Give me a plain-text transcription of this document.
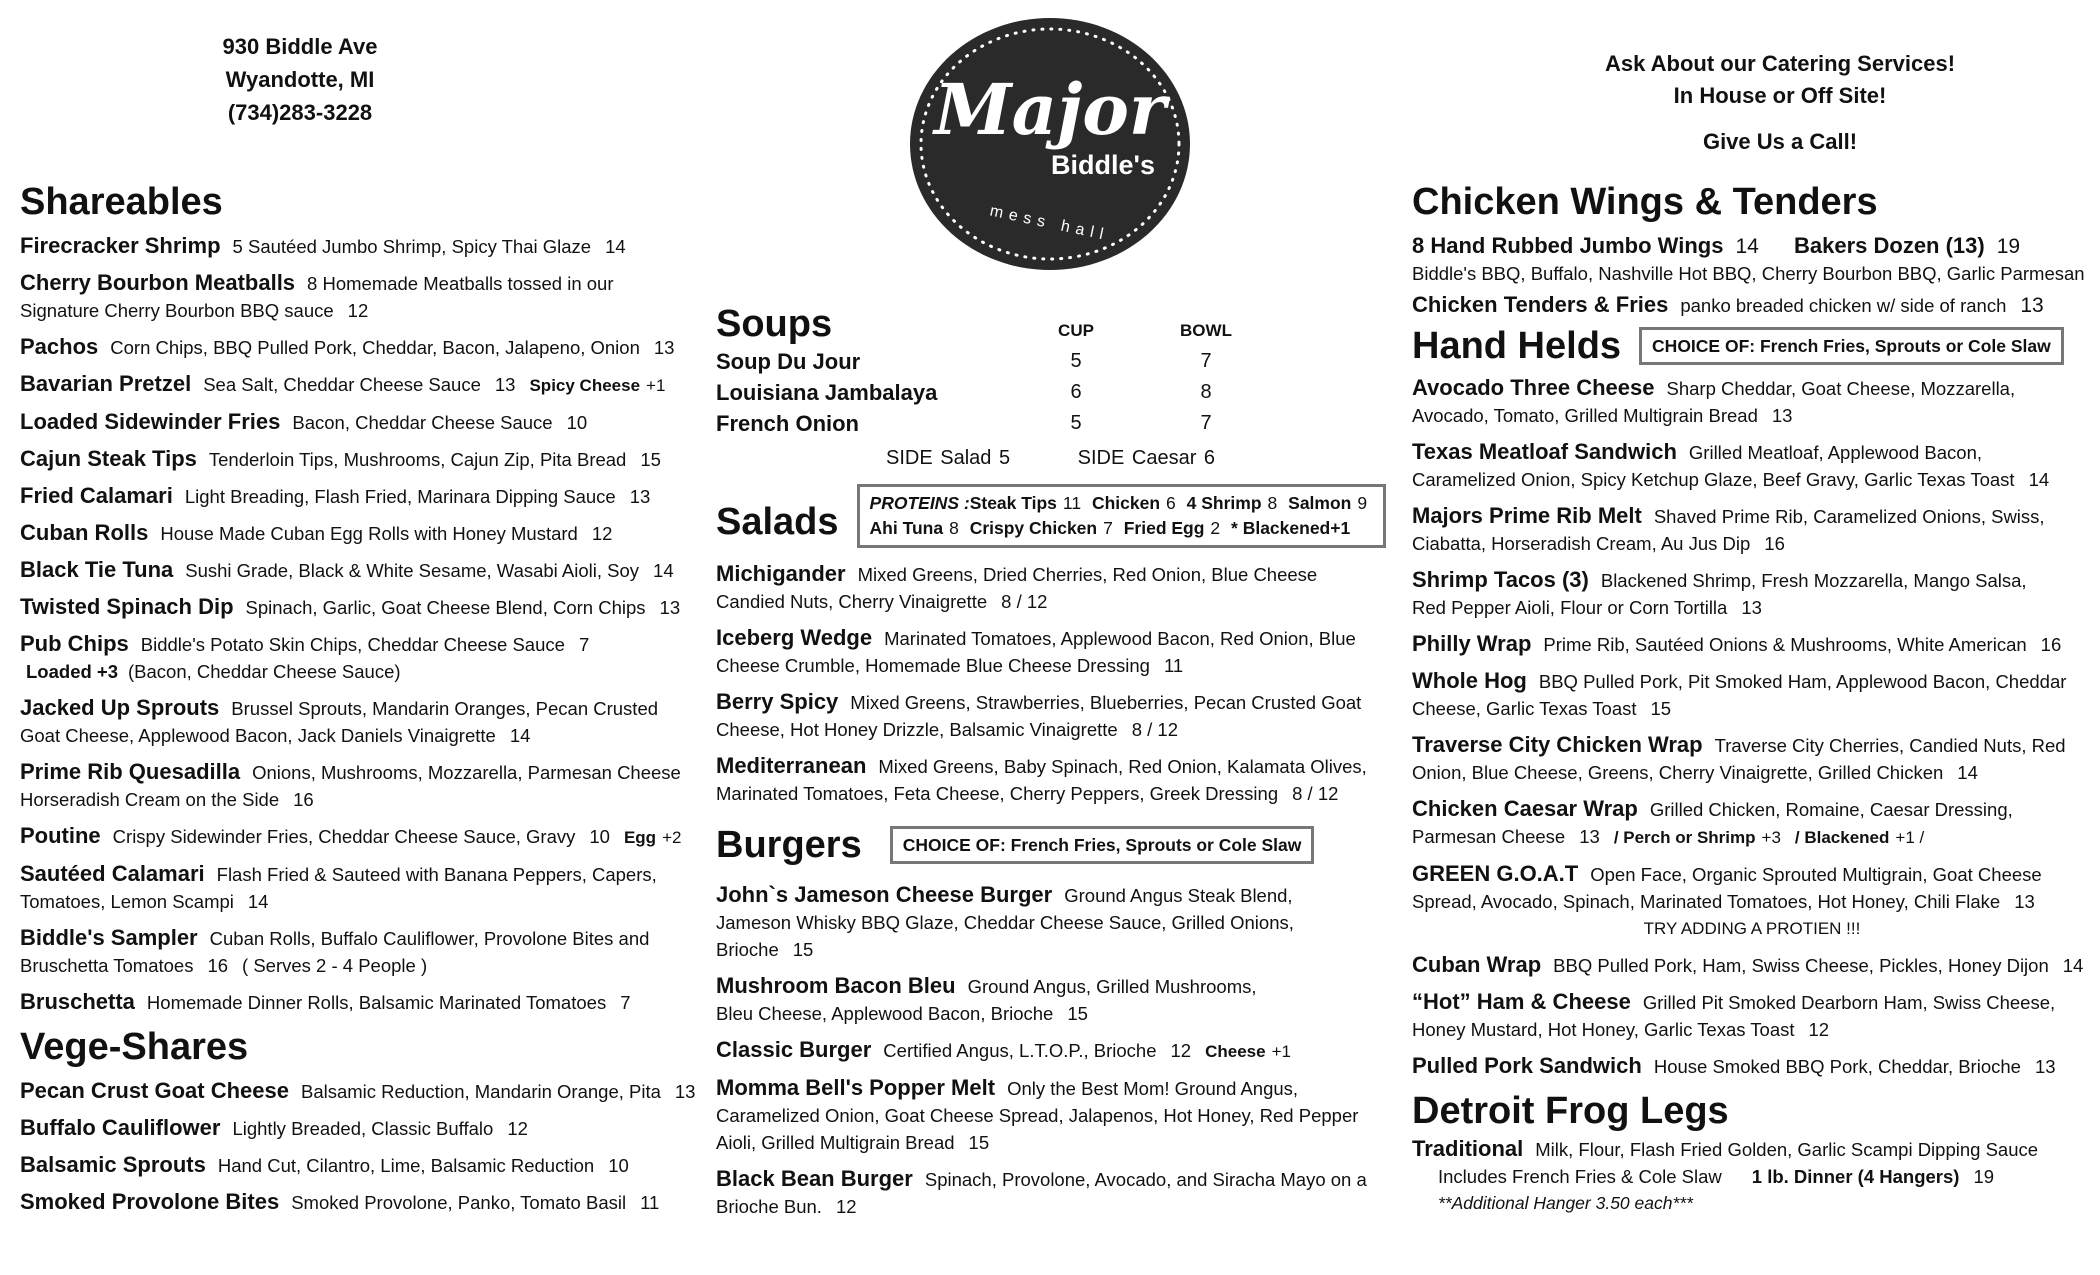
930 Biddle Ave
Wyandotte, MI
(734)283-3228	Major
Biddle's
mess hall
Ask About our Catering Services!
In House or Off Site!
Give Us a Call!
Shareables
Firecracker Shrimp 5 Sautéed Jumbo Shrimp, Spicy Thai Glaze 14
Cherry Bourbon Meatballs 8 Homemade Meatballs tossed in our
Signature Cherry Bourbon BBQ sauce 12
Pachos Corn Chips, BBQ Pulled Pork, Cheddar, Bacon, Jalapeno, Onion 13
Bavarian Pretzel Sea Salt, Cheddar Cheese Sauce 13 Spicy Cheese +1
Loaded Sidewinder Fries Bacon, Cheddar Cheese Sauce 10
Cajun Steak Tips Tenderloin Tips, Mushrooms, Cajun Zip, Pita Bread 15
Fried Calamari Light Breading, Flash Fried, Marinara Dipping Sauce 13
Cuban Rolls House Made Cuban Egg Rolls with Honey Mustard 12
Black Tie Tuna Sushi Grade, Black & White Sesame, Wasabi Aioli, Soy 14
Twisted Spinach Dip Spinach, Garlic, Goat Cheese Blend, Corn Chips 13
Pub Chips Biddle's Potato Skin Chips, Cheddar Cheese Sauce 7
Loaded +3 (Bacon, Cheddar Cheese Sauce)
Jacked Up Sprouts Brussel Sprouts, Mandarin Oranges, Pecan Crusted
Goat Cheese, Applewood Bacon, Jack Daniels Vinaigrette 14
Prime Rib Quesadilla Onions, Mushrooms, Mozzarella, Parmesan Cheese
Horseradish Cream on the Side 16
Poutine Crispy Sidewinder Fries, Cheddar Cheese Sauce, Gravy 10 Egg +2
Sautéed Calamari Flash Fried & Sauteed with Banana Peppers, Capers,
Tomatoes, Lemon Scampi 14
Biddle's Sampler Cuban Rolls, Buffalo Cauliflower, Provolone Bites and
Bruschetta Tomatoes 16 ( Serves 2 - 4 People )
Bruschetta Homemade Dinner Rolls, Balsamic Marinated Tomatoes 7
Vege-Shares
Pecan Crust Goat Cheese Balsamic Reduction, Mandarin Orange, Pita 13
Buffalo Cauliflower Lightly Breaded, Classic Buffalo 12
Balsamic Sprouts Hand Cut, Cilantro, Lime, Balsamic Reduction 10
Smoked Provolone Bites Smoked Provolone, Panko, Tomato Basil 11
Soups	CUP	BOWL
Soup Du Jour	5	7
Louisiana Jambalaya	6	8
French Onion	5	7
SIDE Salad 5	SIDE Caesar 6
Salads PROTEINS :Steak Tips 11 Chicken 6 4 Shrimp 8 Salmon 9
Ahi Tuna 8 Crispy Chicken 7 Fried Egg 2 * Blackened+1
Michigander Mixed Greens, Dried Cherries, Red Onion, Blue Cheese
Candied Nuts, Cherry Vinaigrette 8 / 12
Iceberg Wedge Marinated Tomatoes, Applewood Bacon, Red Onion, Blue
Cheese Crumble, Homemade Blue Cheese Dressing 11
Berry Spicy Mixed Greens, Strawberries, Blueberries, Pecan Crusted Goat
Cheese, Hot Honey Drizzle, Balsamic Vinaigrette 8 / 12
Mediterranean Mixed Greens, Baby Spinach, Red Onion, Kalamata Olives,
Marinated Tomatoes, Feta Cheese, Cherry Peppers, Greek Dressing 8 / 12
Burgers	CHOICE OF: French Fries, Sprouts or Cole Slaw
John`s Jameson Cheese Burger Ground Angus Steak Blend,
Jameson Whisky BBQ Glaze, Cheddar Cheese Sauce, Grilled Onions, Brioche 15
Mushroom Bacon Bleu Ground Angus, Grilled Mushrooms,
Bleu Cheese, Applewood Bacon, Brioche 15
Classic Burger Certified Angus, L.T.O.P., Brioche 12 Cheese +1
Momma Bell's Popper Melt Only the Best Mom! Ground Angus,
Caramelized Onion, Goat Cheese Spread, Jalapenos, Hot Honey, Red Pepper
Aioli, Grilled Multigrain Bread 15
Black Bean Burger Spinach, Provolone, Avocado, and Siracha Mayo on a
Brioche Bun. 12
Chicken Wings & Tenders
8 Hand Rubbed Jumbo Wings 14 Bakers Dozen (13) 19
Biddle's BBQ, Buffalo, Nashville Hot BBQ, Cherry Bourbon BBQ, Garlic Parmesan
Chicken Tenders & Fries panko breaded chicken w/ side of ranch 13
Hand Helds	CHOICE OF: French Fries, Sprouts or Cole Slaw
Avocado Three Cheese Sharp Cheddar, Goat Cheese, Mozzarella,
Avocado, Tomato, Grilled Multigrain Bread 13
Texas Meatloaf Sandwich Grilled Meatloaf, Applewood Bacon,
Caramelized Onion, Spicy Ketchup Glaze, Beef Gravy, Garlic Texas Toast 14
Majors Prime Rib Melt Shaved Prime Rib, Caramelized Onions, Swiss,
Ciabatta, Horseradish Cream, Au Jus Dip 16
Shrimp Tacos (3) Blackened Shrimp, Fresh Mozzarella, Mango Salsa,
Red Pepper Aioli, Flour or Corn Tortilla 13
Philly Wrap Prime Rib, Sautéed Onions & Mushrooms, White American 16
Whole Hog BBQ Pulled Pork, Pit Smoked Ham, Applewood Bacon, Cheddar
Cheese, Garlic Texas Toast 15
Traverse City Chicken Wrap Traverse City Cherries, Candied Nuts, Red
Onion, Blue Cheese, Greens, Cherry Vinaigrette, Grilled Chicken 14
Chicken Caesar Wrap Grilled Chicken, Romaine, Caesar Dressing,
Parmesan Cheese 13 / Perch or Shrimp +3 / Blackened +1 /
GREEN G.O.A.T Open Face, Organic Sprouted Multigrain, Goat Cheese
Spread, Avocado, Spinach, Marinated Tomatoes, Hot Honey, Chili Flake 13
TRY ADDING A PROTIEN !!!
Cuban Wrap BBQ Pulled Pork, Ham, Swiss Cheese, Pickles, Honey Dijon 14
“Hot” Ham & Cheese Grilled Pit Smoked Dearborn Ham, Swiss Cheese,
Honey Mustard, Hot Honey, Garlic Texas Toast 12
Pulled Pork Sandwich House Smoked BBQ Pork, Cheddar, Brioche 13
Detroit Frog Legs
Traditional Milk, Flour, Flash Fried Golden, Garlic Scampi Dipping Sauce
Includes French Fries & Cole Slaw 1 lb. Dinner (4 Hangers) 19
**Additional Hanger 3.50 each***
